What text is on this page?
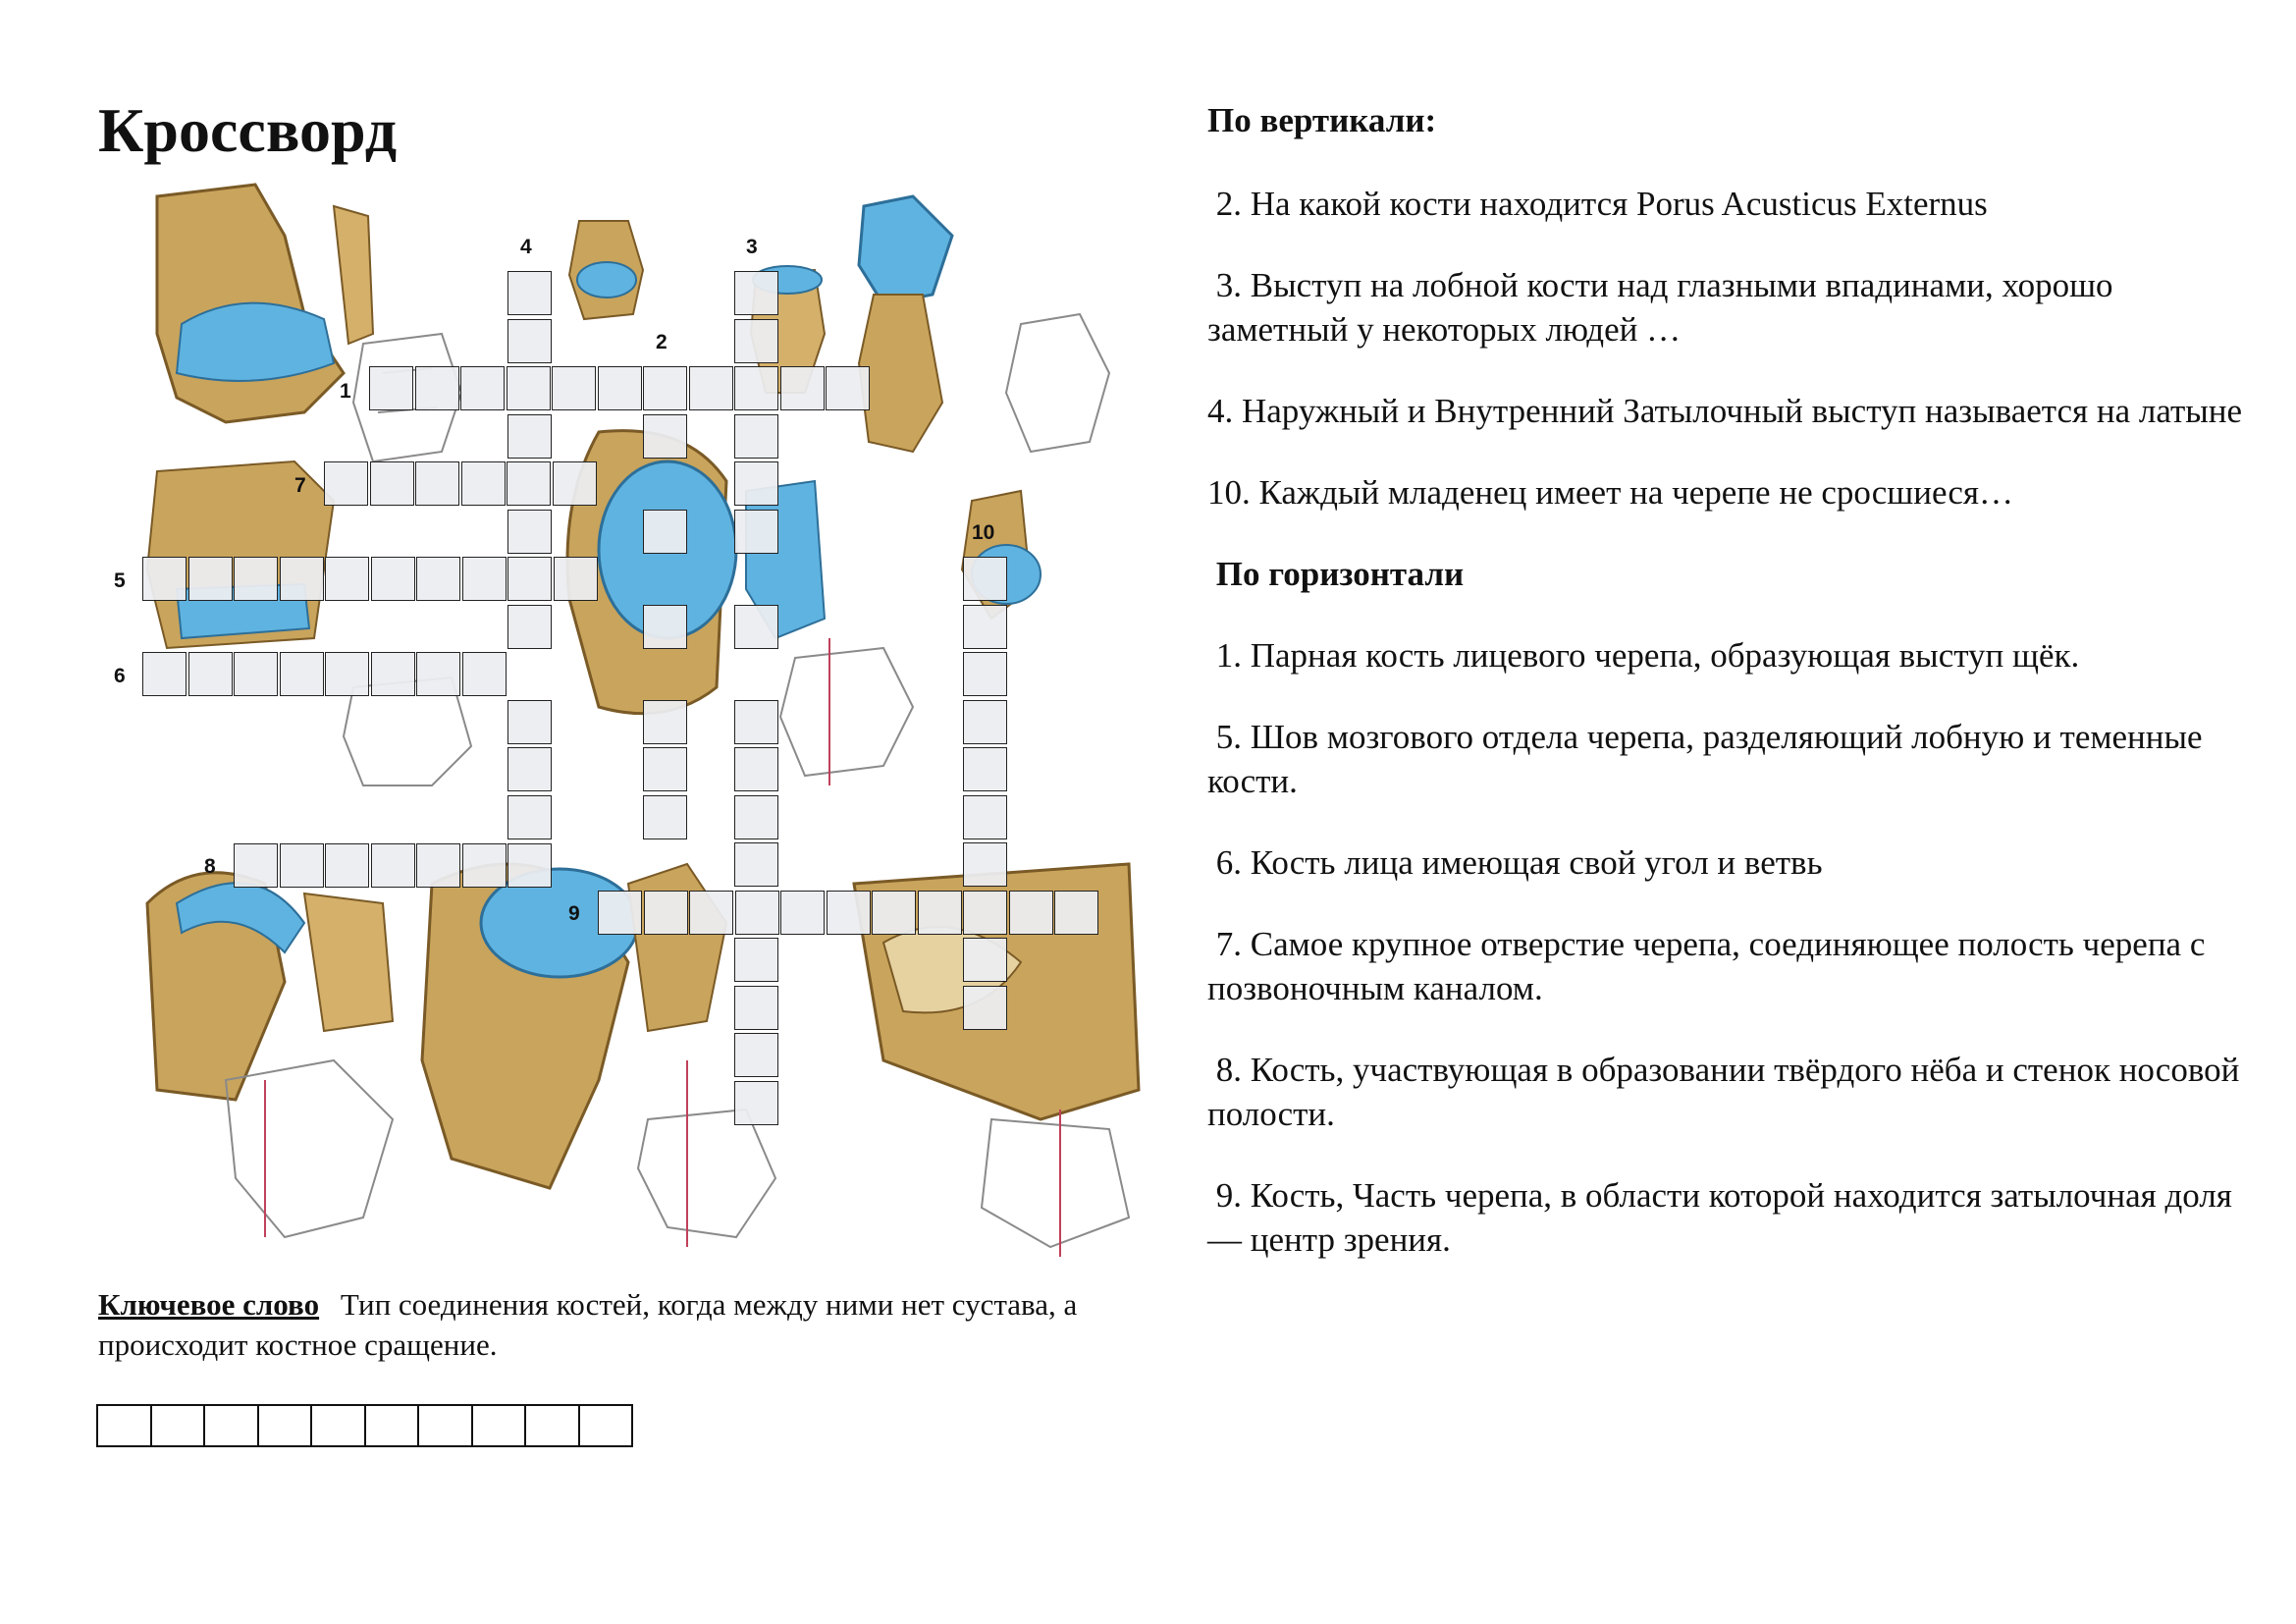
Кроссворд
1
2
3
4
5
6
7
8
9
10
Ключевое слово Тип соединения костей, когда между ними нет сустава, а происходит костное сращение.
По вертикали:

2. На какой кости находится Porus Acusticus Externus

3. Выступ на лобной кости над глазными впадинами, хорошо заметный у некоторых людей …

4. Наружный и Внутренний Затылочный выступ называется на латыне

10. Каждый младенец имеет на черепе не сросшиеся…

По горизонтали

1. Парная кость лицевого черепа, образующая выступ щёк.

5. Шов мозгового отдела черепа, разделяющий лобную и теменные кости.

6. Кость лица имеющая свой угол и ветвь

7. Самое крупное отверстие черепа, соединяющее полость черепа с позвоночным каналом.

8. Кость, участвующая в образовании твёрдого нёба и стенок носовой полости.

9. Кость, Часть черепа, в области которой находится затылочная доля — центр зрения.
